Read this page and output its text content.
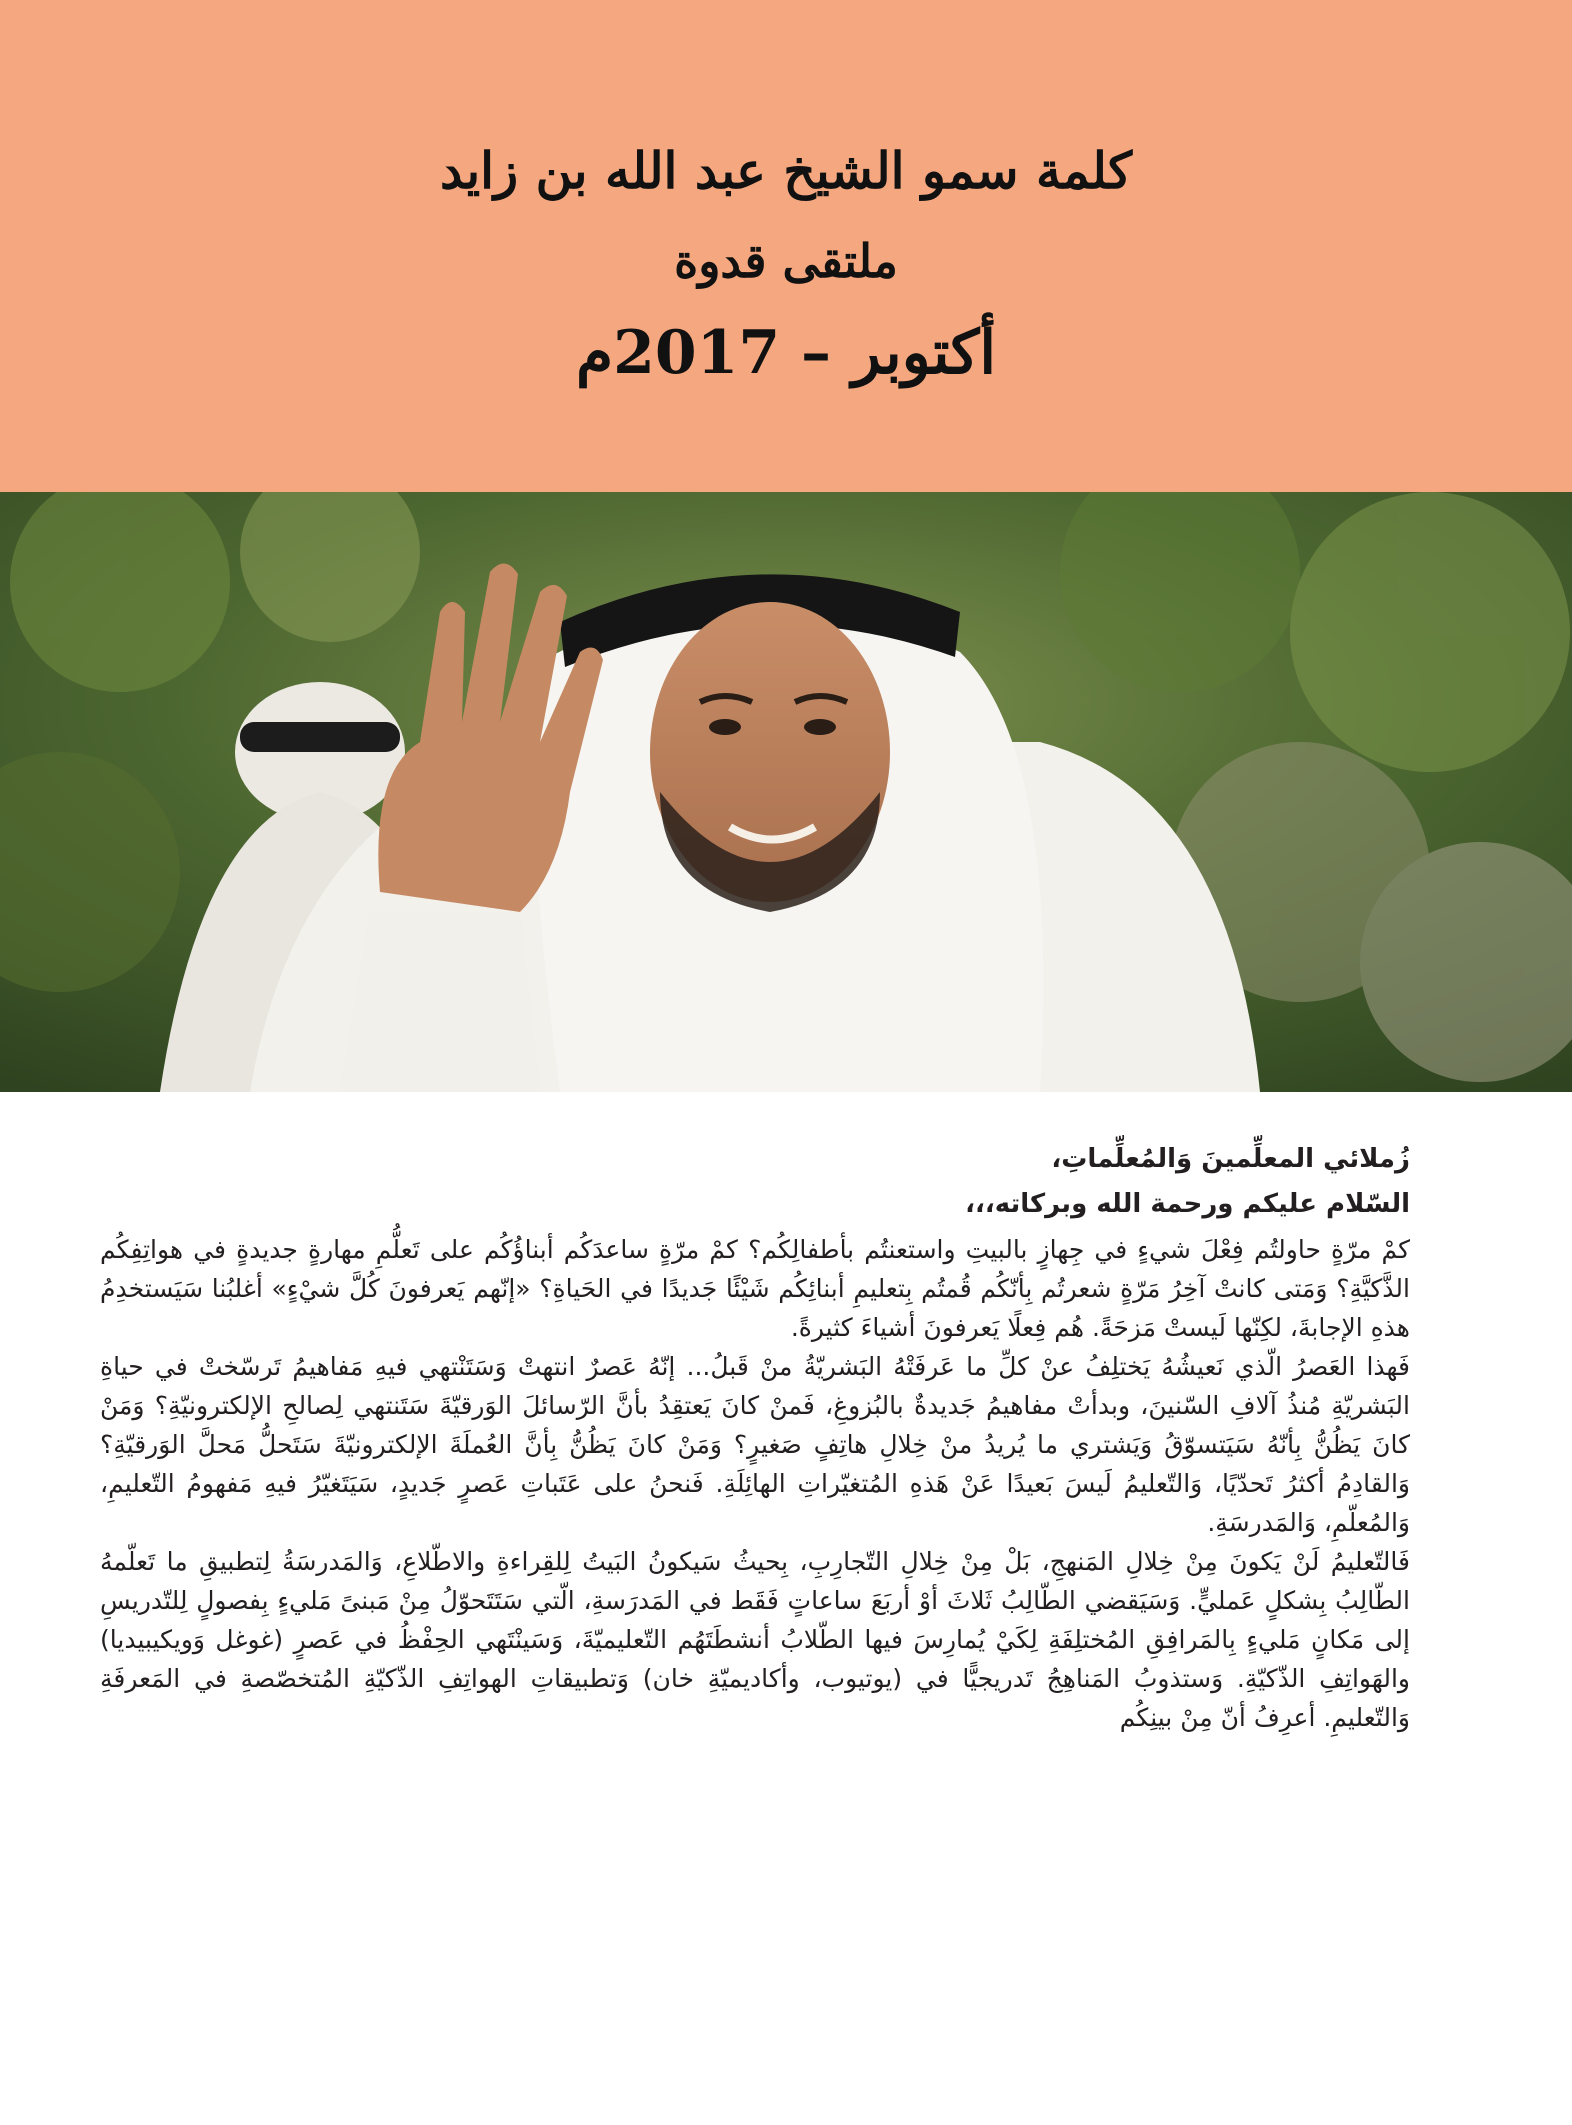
كلمة سمو الشيخ عبد الله بن زايد

ملتقى قدوة

أكتوبر – 2017م

زُملائي المعلِّمينَ وَالمُعلِّماتِ،

السّلام عليكم ورحمة الله وبركاته،،،

كمْ مرّةٍ حاولتُم فِعْلَ شيءٍ في جِهازٍ بالبيتِ واستعنتُم بأطفالِكُم؟ كمْ مرّةٍ ساعدَكُم أبناؤُكُم على تَعلُّمِ مهارةٍ جديدةٍ في هواتِفِكُم الذَّكيَّةِ؟ وَمَتى كانتْ آخِرُ مَرّةٍ شعرتُم بِأنّكُم قُمتُم بِتعليمِ أبنائِكُم شَيْئًا جَديدًا في الحَياةِ؟ «إنّهم يَعرفونَ كُلَّ شيْءٍ» أغلبُنا سَيَستخدِمُ هذهِ الإجابةَ، لكِنّها لَيستْ مَزحَةً. هُم فِعلًا يَعرفونَ أشياءَ كثيرةً.

فَهذا العَصرُ الّذي نَعيشُهُ يَختلِفُ عنْ كلِّ ما عَرفَتْهُ البَشريّةُ منْ قَبلُ... إنّهُ عَصرٌ انتهتْ وَسَتَنْتهي فيهِ مَفاهيمُ تَرسّختْ في حياةِ البَشريّةِ مُنذُ آلافِ السّنينَ، وبدأتْ مفاهيمُ جَديدةٌ بالبُزوغِ، فَمنْ كانَ يَعتقِدُ بأنَّ الرّسائلَ الوَرقيّةَ سَتَنتهي لِصالحِ الإلكترونيّةِ؟ وَمَنْ كانَ يَظُنُّ بِأنّهُ سَيَتسوّقُ وَيَشتري ما يُريدُ منْ خِلالِ هاتِفٍ صَغيرٍ؟ وَمَنْ كانَ يَظُنُّ بِأنَّ العُملَةَ الإلكترونيّةَ سَتَحلُّ مَحلَّ الوَرقيّةِ؟ وَالقادِمُ أكثرُ تَحدّيًا، وَالتّعليمُ لَيسَ بَعيدًا عَنْ هَذهِ المُتغيّراتِ الهائِلَةِ. فَنحنُ على عَتَباتِ عَصرٍ جَديدٍ، سَيَتَغيّرُ فيهِ مَفهومُ التّعليمِ، وَالمُعلّمِ، وَالمَدرسَةِ.

فَالتّعليمُ لَنْ يَكونَ مِنْ خِلالِ المَنهجِ، بَلْ مِنْ خِلالِ التّجارِبِ، بِحيثُ سَيكونُ البَيتُ لِلقِراءةِ والاطّلاعِ، وَالمَدرسَةُ لِتطبيقِ ما تَعلّمهُ الطّالِبُ بِشكلٍ عَمليٍّ. وَسَيَقضي الطّالِبُ ثَلاثَ أوْ أربَعَ ساعاتٍ فَقَط في المَدرَسةِ، الّتي سَتَتَحوّلُ مِنْ مَبنىً مَليءٍ بِفصولٍ لِلتّدريسِ إلى مَكانٍ مَليءٍ بِالمَرافِقِ المُختلِفَةِ لِكَيْ يُمارِسَ فيها الطّلابُ أنشطَتَهُم التّعليميّةَ، وَسَينْتَهي الحِفْظُ في عَصرٍ (غوغل وَويكيبيديا) والهَواتِفِ الذّكيّةِ. وَستذوبُ المَناهِجُ تَدريجيًّا في (يوتيوب، وأكاديميّةِ خان) وَتطبيقاتِ الهواتِفِ الذّكيّةِ المُتخصّصةِ في المَعرفَةِ وَالتّعليمِ. أعرِفُ أنّ مِنْ بينِكُم
